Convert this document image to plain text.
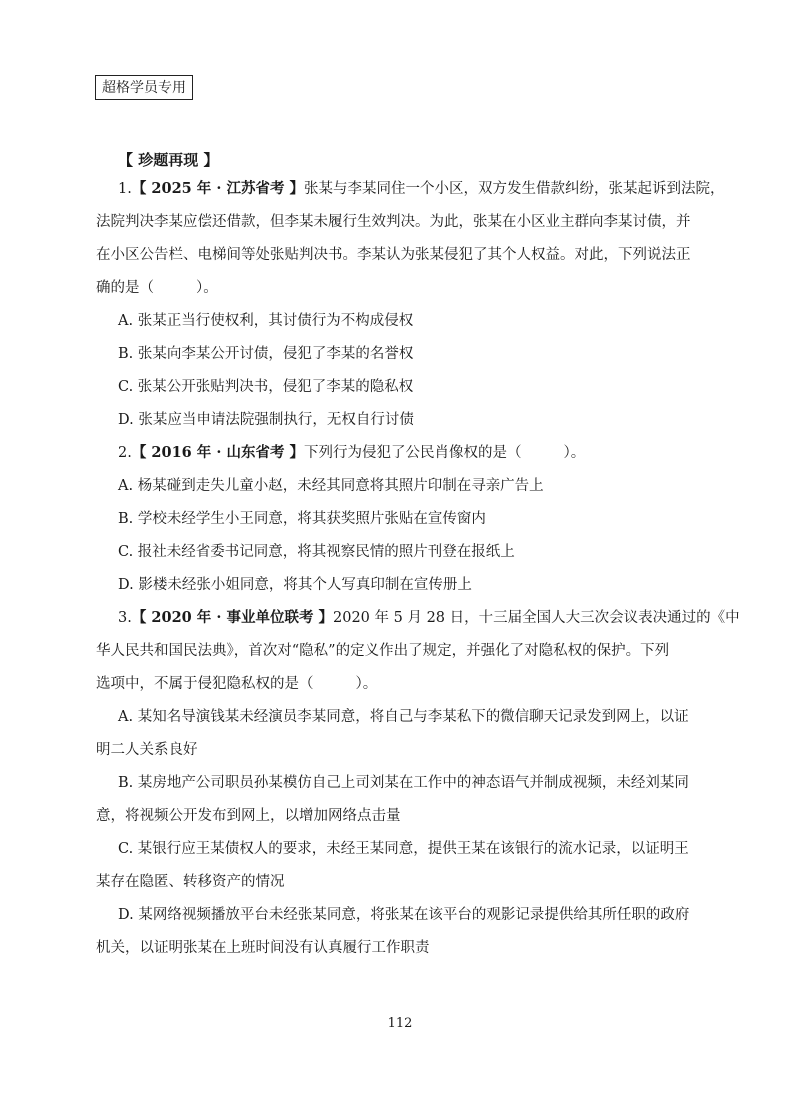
超格学员专用
【 珍题再现 】
1.【 2025 年 · 江苏省考 】张某与李某同住一个小区，双方发生借款纠纷，张某起诉到法院，
法院判决李某应偿还借款，但李某未履行生效判决。为此，张某在小区业主群向李某讨债，并
在小区公告栏、电梯间等处张贴判决书。李某认为张某侵犯了其个人权益。对此，下列说法正
确的是（	）。
A. 张某正当行使权利，其讨债行为不构成侵权
B. 张某向李某公开讨债，侵犯了李某的名誉权
C. 张某公开张贴判决书，侵犯了李某的隐私权
D. 张某应当申请法院强制执行，无权自行讨债
2.【 2016 年 · 山东省考 】下列行为侵犯了公民肖像权的是（	）。
A. 杨某碰到走失儿童小赵，未经其同意将其照片印制在寻亲广告上
B. 学校未经学生小王同意，将其获奖照片张贴在宣传窗内
C. 报社未经省委书记同意，将其视察民情的照片刊登在报纸上
D. 影楼未经张小姐同意，将其个人写真印制在宣传册上
3.【 2020 年 · 事业单位联考 】2020 年 5 月 28 日，十三届全国人大三次会议表决通过的《中
华人民共和国民法典》，首次对“隐私”的定义作出了规定，并强化了对隐私权的保护。下列
选项中，不属于侵犯隐私权的是（	）。
A. 某知名导演钱某未经演员李某同意，将自己与李某私下的微信聊天记录发到网上，以证
明二人关系良好
B. 某房地产公司职员孙某模仿自己上司刘某在工作中的神态语气并制成视频，未经刘某同
意，将视频公开发布到网上，以增加网络点击量
C. 某银行应王某债权人的要求，未经王某同意，提供王某在该银行的流水记录，以证明王
某存在隐匿、转移资产的情况
D. 某网络视频播放平台未经张某同意，将张某在该平台的观影记录提供给其所任职的政府
机关，以证明张某在上班时间没有认真履行工作职责
112
